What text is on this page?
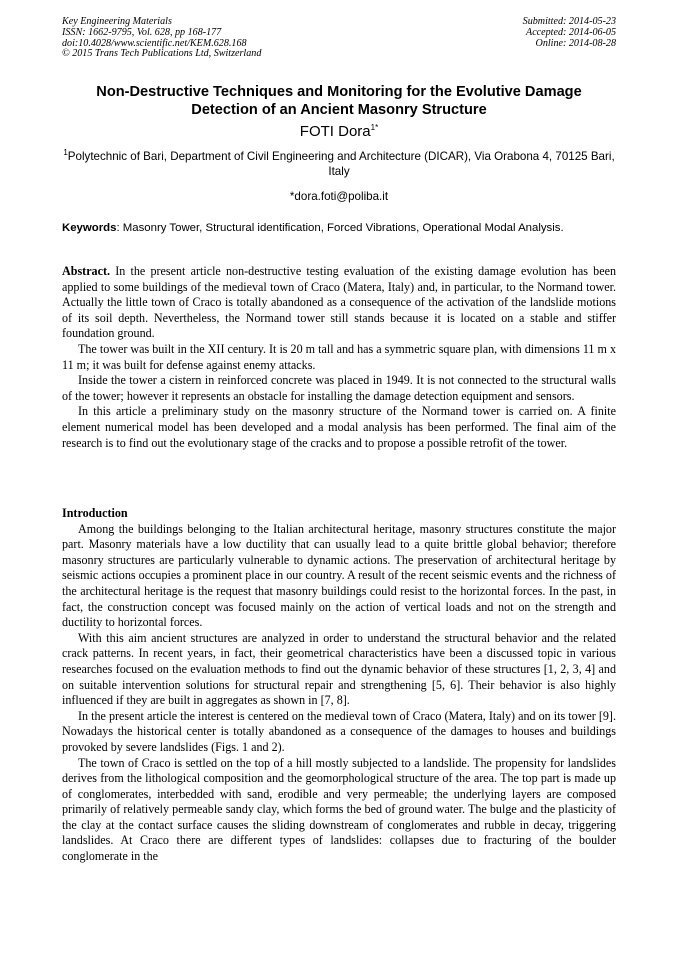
Key Engineering Materials
ISSN: 1662-9795, Vol. 628, pp 168-177
doi:10.4028/www.scientific.net/KEM.628.168
© 2015 Trans Tech Publications Ltd, Switzerland
Submitted: 2014-05-23
Accepted: 2014-06-05
Online: 2014-08-28
Non-Destructive Techniques and Monitoring for the Evolutive Damage Detection of an Ancient Masonry Structure
FOTI Dora$^{1*}$
$^1$Polytechnic of Bari, Department of Civil Engineering and Architecture (DICAR), Via Orabona 4, 70125 Bari, Italy
*dora.foti@poliba.it
Keywords: Masonry Tower, Structural identification, Forced Vibrations, Operational Modal Analysis.

Abstract. In the present article non-destructive testing evaluation of the existing damage evolution has been applied to some buildings of the medieval town of Craco (Matera, Italy) and, in particular, to the Normand tower. Actually the little town of Craco is totally abandoned as a consequence of the activation of the landslide motions of its soil depth. Nevertheless, the Normand tower still stands because it is located on a stable and stiffer foundation ground.

The tower was built in the XII century. It is 20 m tall and has a symmetric square plan, with dimensions 11 m x 11 m; it was built for defense against enemy attacks.

Inside the tower a cistern in reinforced concrete was placed in 1949. It is not connected to the structural walls of the tower; however it represents an obstacle for installing the damage detection equipment and sensors.

In this article a preliminary study on the masonry structure of the Normand tower is carried on. A finite element numerical model has been developed and a modal analysis has been performed. The final aim of the research is to find out the evolutionary stage of the cracks and to propose a possible retrofit of the tower.

Introduction

Among the buildings belonging to the Italian architectural heritage, masonry structures constitute the major part. Masonry materials have a low ductility that can usually lead to a quite brittle global behavior; therefore masonry structures are particularly vulnerable to dynamic actions. The preservation of architectural heritage by seismic actions occupies a prominent place in our country. A result of the recent seismic events and the richness of the architectural heritage is the request that masonry buildings could resist to the horizontal forces. In the past, in fact, the construction concept was focused mainly on the action of vertical loads and not on the strength and ductility to horizontal forces.

With this aim ancient structures are analyzed in order to understand the structural behavior and the related crack patterns. In recent years, in fact, their geometrical characteristics have been a discussed topic in various researches focused on the evaluation methods to find out the dynamic behavior of these structures [1, 2, 3, 4] and on suitable intervention solutions for structural repair and strengthening [5, 6]. Their behavior is also highly influenced if they are built in aggregates as shown in [7, 8].

In the present article the interest is centered on the medieval town of Craco (Matera, Italy) and on its tower [9]. Nowadays the historical center is totally abandoned as a consequence of the damages to houses and buildings provoked by severe landslides (Figs. 1 and 2).

The town of Craco is settled on the top of a hill mostly subjected to a landslide. The propensity for landslides derives from the lithological composition and the geomorphological structure of the area. The top part is made up of conglomerates, interbedded with sand, erodible and very permeable; the underlying layers are composed primarily of relatively permeable sandy clay, which forms the bed of ground water. The bulge and the plasticity of the clay at the contact surface causes the sliding downstream of conglomerates and rubble in decay, triggering landslides. At Craco there are different types of landslides: collapses due to fracturing of the boulder conglomerate in the
